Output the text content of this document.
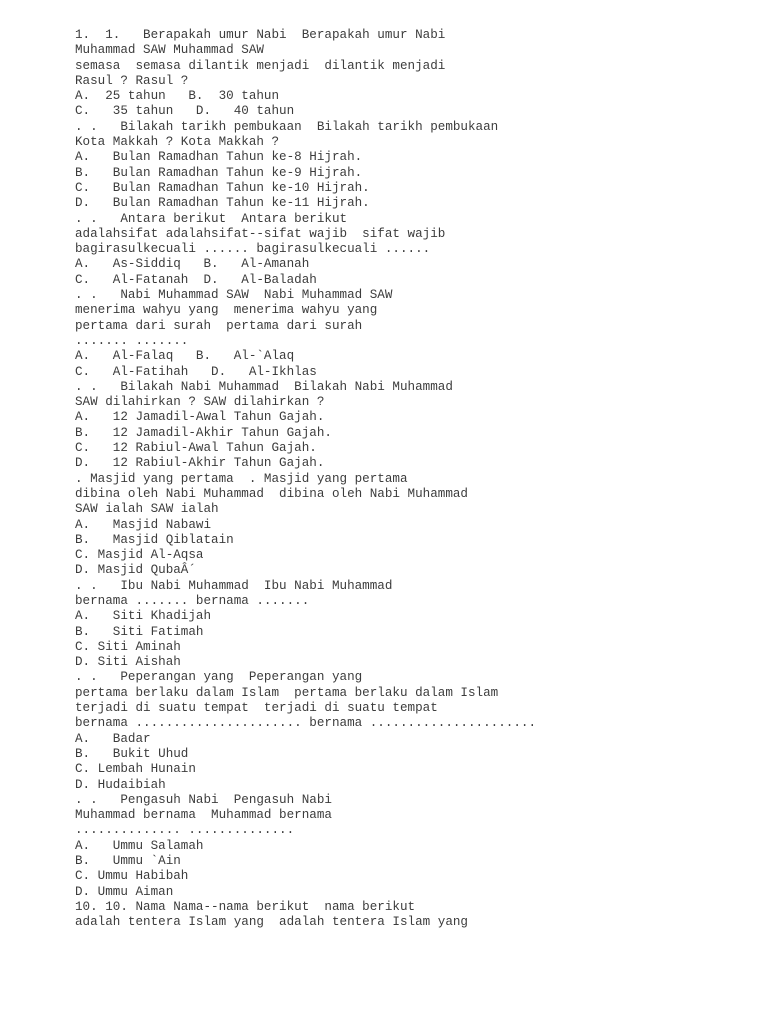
1.  1.   Berapakah umur Nabi  Berapakah umur Nabi
Muhammad SAW Muhammad SAW
semasa  semasa dilantik menjadi  dilantik menjadi
Rasul ? Rasul ?
A.  25 tahun   B.  30 tahun
C.   35 tahun   D.   40 tahun
. .   Bilakah tarikh pembukaan  Bilakah tarikh pembukaan
Kota Makkah ? Kota Makkah ?
A.   Bulan Ramadhan Tahun ke-8 Hijrah.
B.   Bulan Ramadhan Tahun ke-9 Hijrah.
C.   Bulan Ramadhan Tahun ke-10 Hijrah.
D.   Bulan Ramadhan Tahun ke-11 Hijrah.
. .   Antara berikut  Antara berikut
adalahsifat adalahsifat--sifat wajib  sifat wajib
bagirasulkecuali ...... bagirasulkecuali ......
A.   As-Siddiq   B.   Al-Amanah
C.   Al-Fatanah  D.   Al-Baladah
. .   Nabi Muhammad SAW  Nabi Muhammad SAW
menerima wahyu yang  menerima wahyu yang
pertama dari surah  pertama dari surah
....... .......
A.   Al-Falaq   B.   Al-`Alaq
C.   Al-Fatihah   D.   Al-Ikhlas
. .   Bilakah Nabi Muhammad  Bilakah Nabi Muhammad
SAW dilahirkan ? SAW dilahirkan ?
A.   12 Jamadil-Awal Tahun Gajah.
B.   12 Jamadil-Akhir Tahun Gajah.
C.   12 Rabiul-Awal Tahun Gajah.
D.   12 Rabiul-Akhir Tahun Gajah.
. Masjid yang pertama  . Masjid yang pertama
dibina oleh Nabi Muhammad  dibina oleh Nabi Muhammad
SAW ialah SAW ialah
A.   Masjid Nabawi
B.   Masjid Qiblatain
C. Masjid Al-Aqsa
D. Masjid QubaÂ´
. .   Ibu Nabi Muhammad  Ibu Nabi Muhammad
bernama ....... bernama .......
A.   Siti Khadijah
B.   Siti Fatimah
C. Siti Aminah
D. Siti Aishah
. .   Peperangan yang  Peperangan yang
pertama berlaku dalam Islam  pertama berlaku dalam Islam
terjadi di suatu tempat  terjadi di suatu tempat
bernama ...................... bernama ......................
A.   Badar
B.   Bukit Uhud
C. Lembah Hunain
D. Hudaibiah
. .   Pengasuh Nabi  Pengasuh Nabi
Muhammad bernama  Muhammad bernama
.............. ..............
A.   Ummu Salamah
B.   Ummu `Ain
C. Ummu Habibah
D. Ummu Aiman
10. 10. Nama Nama--nama berikut  nama berikut
adalah tentera Islam yang  adalah tentera Islam yang
